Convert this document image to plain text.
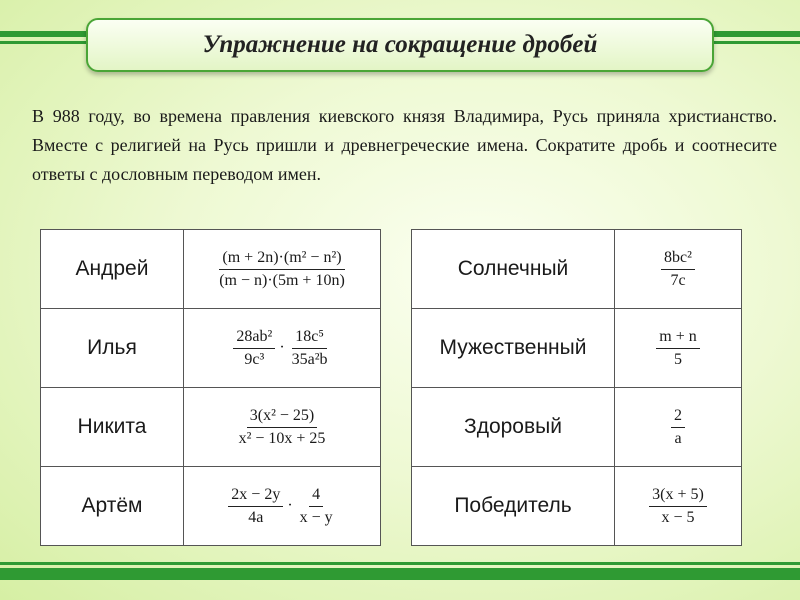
Упражнение на сокращение дробей

В 988 году, во времена правления киевского князя Владимира, Русь приняла христианство. Вместе с религией на Русь пришли и древнегреческие имена. Сократите дробь и соотнесите ответы с дословным переводом имен.

Андрей	$\frac{\text{(m + 2n)·(m² − n²)}}{(m - n)\cdot(5m + 10n)}$

Илья	$\frac{\text{28ab²}}{\text{9c³}} \cdot \frac{\text{18c⁵}}{\text{35a²b}}$

Никита	$\frac{\text{3(x² − 25)}}{\text{x² − 10x + 25}}$

Артём	$\frac{2x - 2y}{4a} \cdot \frac{4}{x - y}$
Солнечный	$\frac{\text{8bc²}}{7c}$

Мужественный	$\frac{m + n}{5}$

Здоровый	$\frac{2}{a}$

Победитель	$\frac{3(x + 5)}{x - 5}$
